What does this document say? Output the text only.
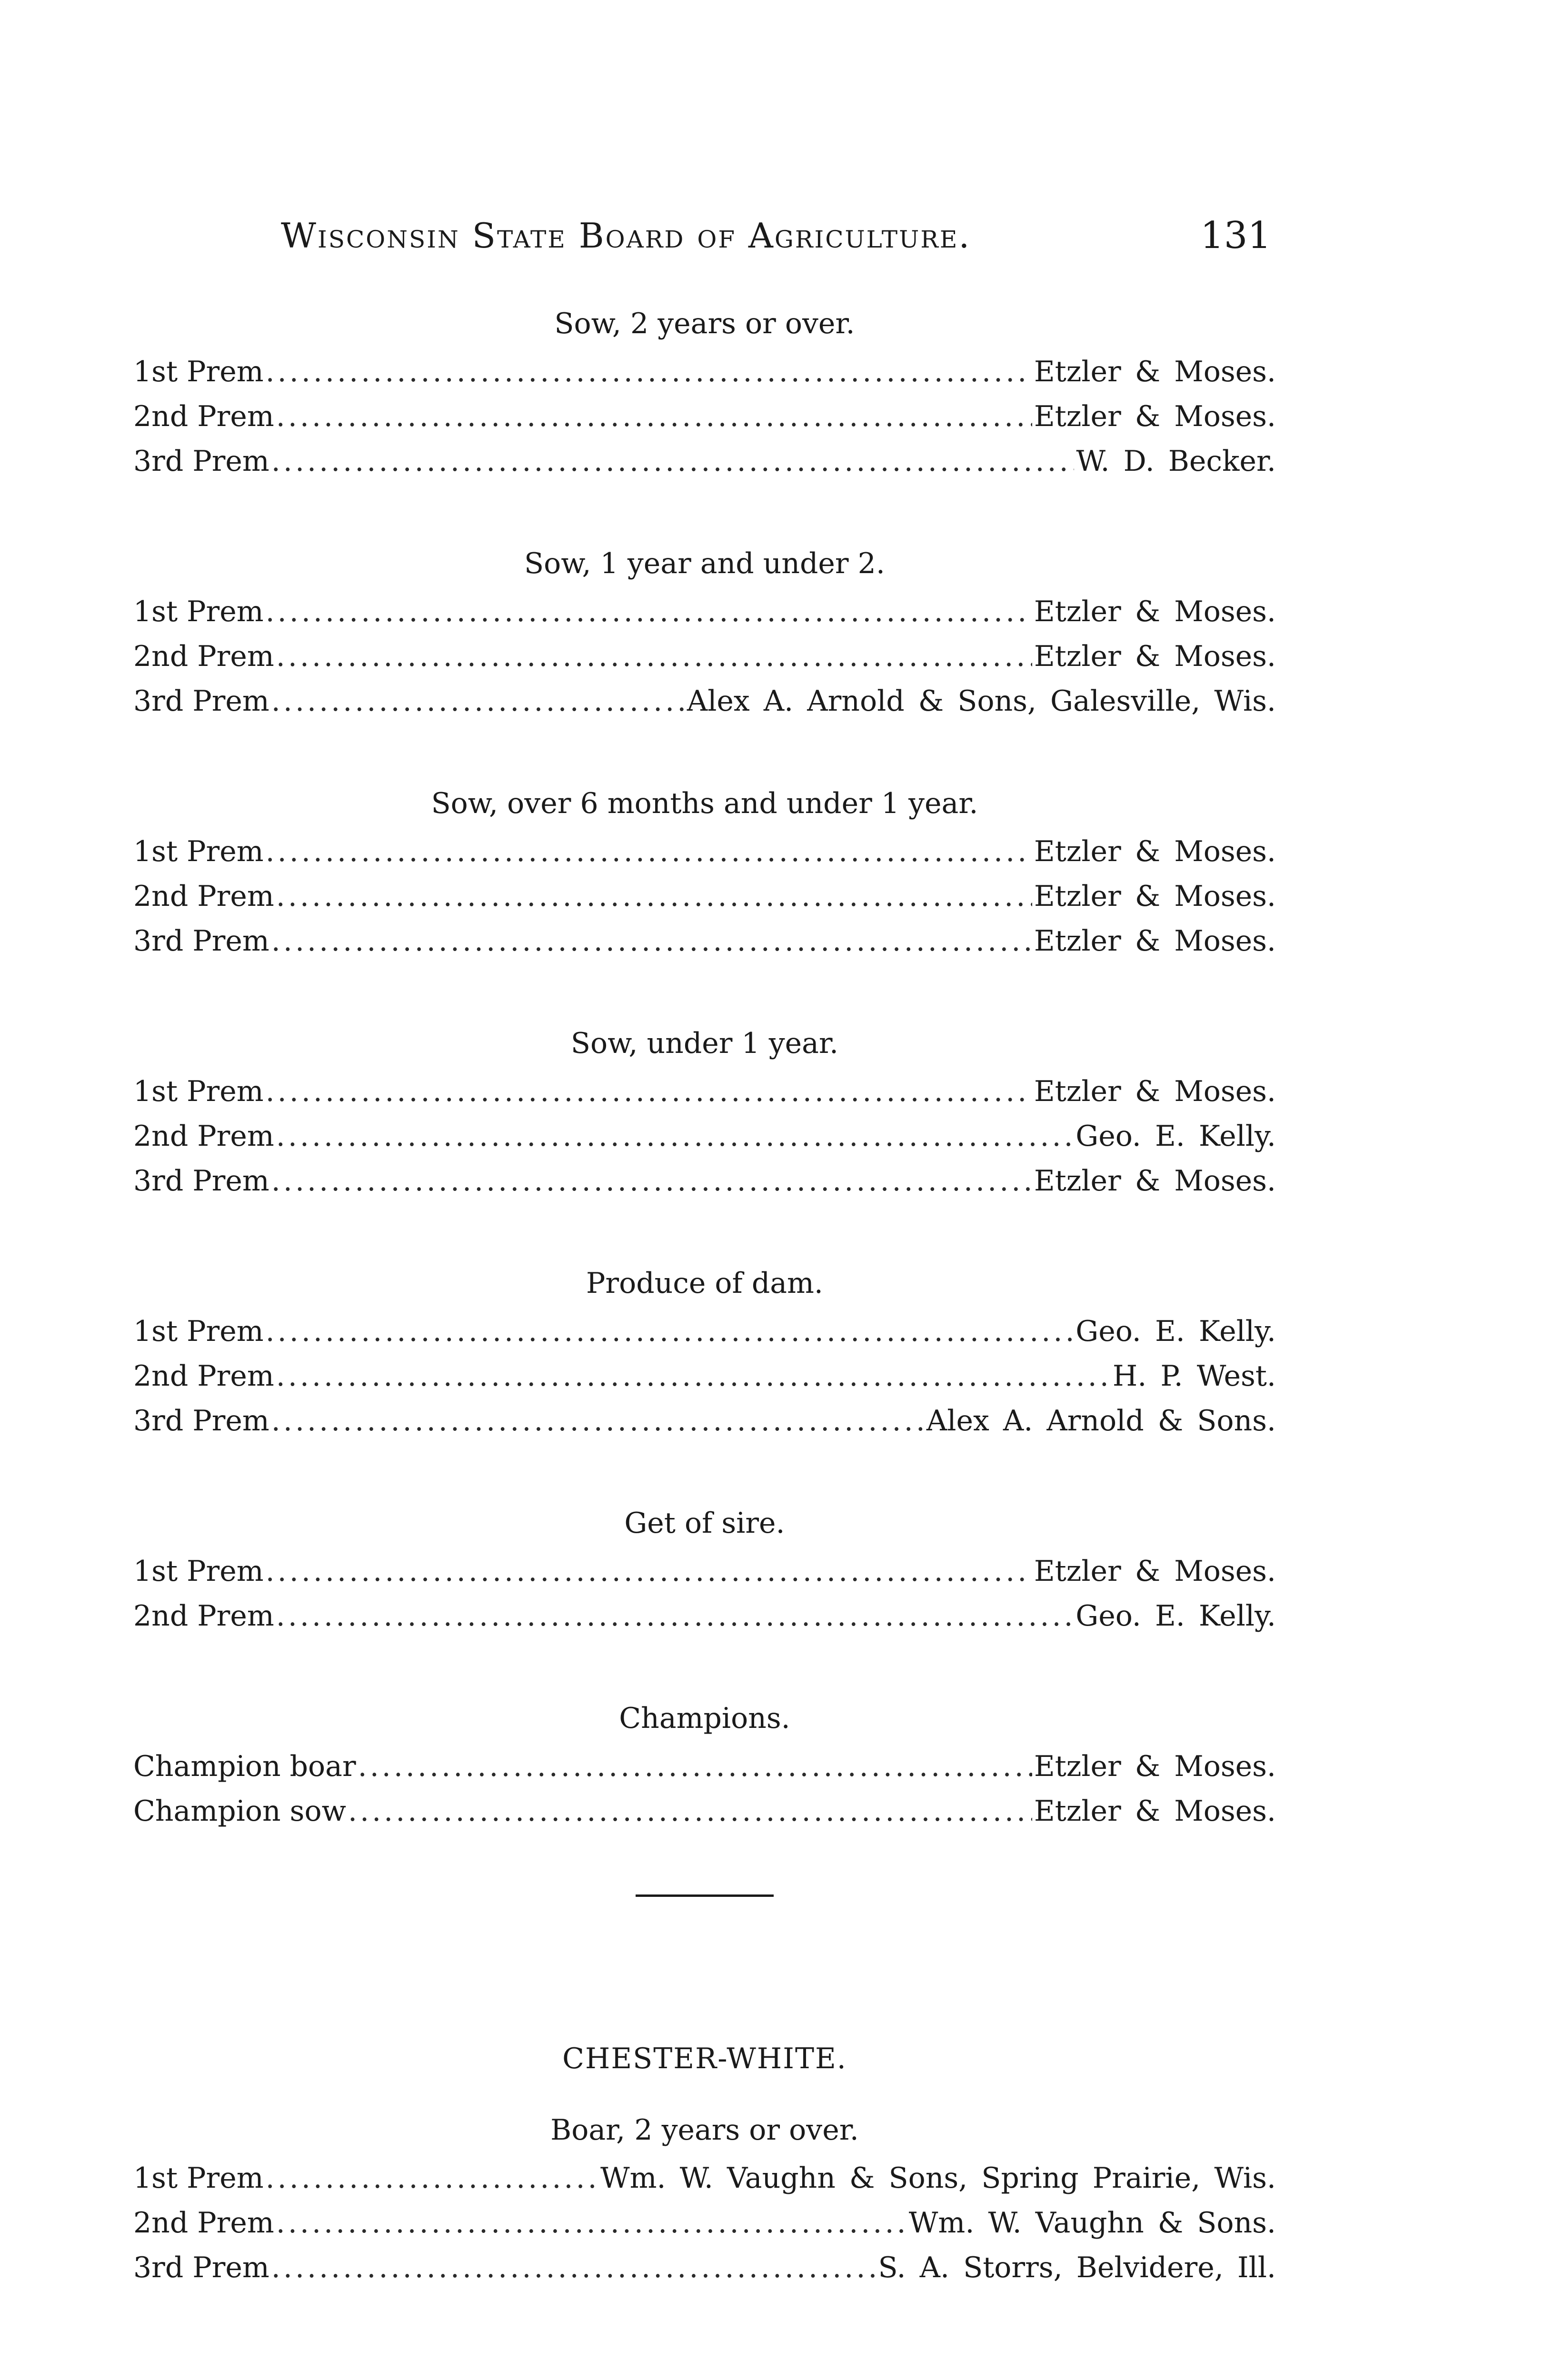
Wisconsin State Board of Agriculture.	131
Sow, 2 years or over.
1st Prem .....	Etzler & Moses.
2nd Prem .....	Etzler & Moses.
3rd Prem .....	W. D. Becker.
Sow, 1 year and under 2.
1st Prem .....	Etzler & Moses.
2nd Prem .....	Etzler & Moses.
3rd Prem .....	Alex A. Arnold & Sons, Galesville, Wis.
Sow, over 6 months and under 1 year.
1st Prem .....	Etzler & Moses.
2nd Prem .....	Etzler & Moses.
3rd Prem .....	Etzler & Moses.
Sow, under 1 year.
1st Prem .....	Etzler & Moses.
2nd Prem .....	Geo. E. Kelly.
3rd Prem .....	Etzler & Moses.
Produce of dam.
1st Prem .....	Geo. E. Kelly.
2nd Prem .....	H. P. West.
3rd Prem .....	Alex A. Arnold & Sons.
Get of sire.
1st Prem .....	Etzler & Moses.
2nd Prem .....	Geo. E. Kelly.
Champions.
Champion boar .....	Etzler & Moses.
Champion sow .....	Etzler & Moses.
CHESTER-WHITE.
Boar, 2 years or over.
1st Prem .....	Wm. W. Vaughn & Sons, Spring Prairie, Wis.
2nd Prem .....	Wm. W. Vaughn & Sons.
3rd Prem .....	S. A. Storrs, Belvidere, Ill.
